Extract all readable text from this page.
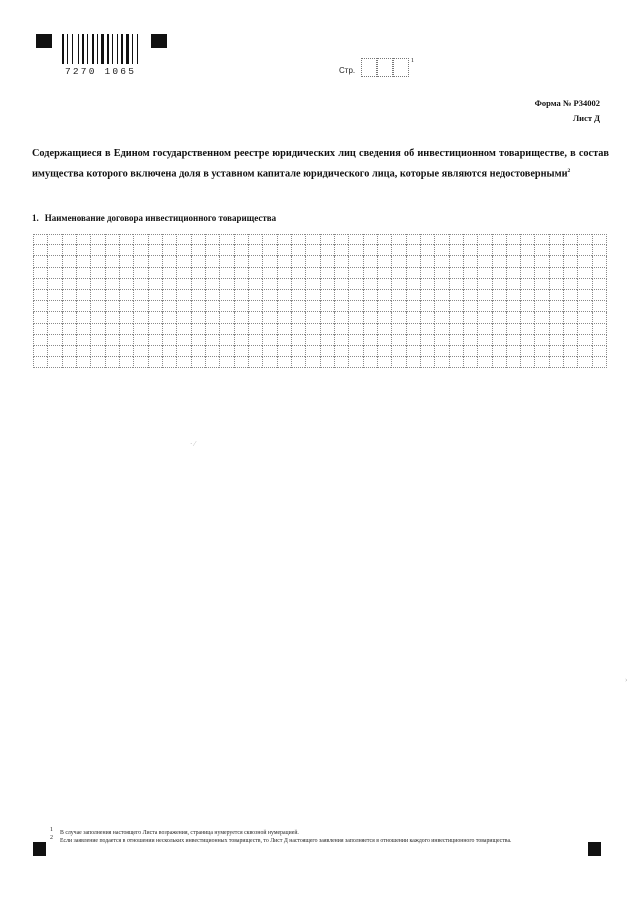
7270 1065	Стр.
1
Форма № Р34002
Лист Д
Содержащиеся в Едином государственном реестре юридических лиц сведения об инвестиционном товариществе, в состав имущества которого включена доля в уставном капитале юридического лица, которые являются недостоверными$^2$
1. Наименование договора инвестиционного товарищества
· ⁄
›
1 В случае заполнения настоящего Листа возражения, страница нумеруется сквозной нумерацией.
2 Если заявление подается в отношении нескольких инвестиционных товариществ, то Лист Д настоящего заявления заполняется в отношении каждого инвестиционного товарищества.
